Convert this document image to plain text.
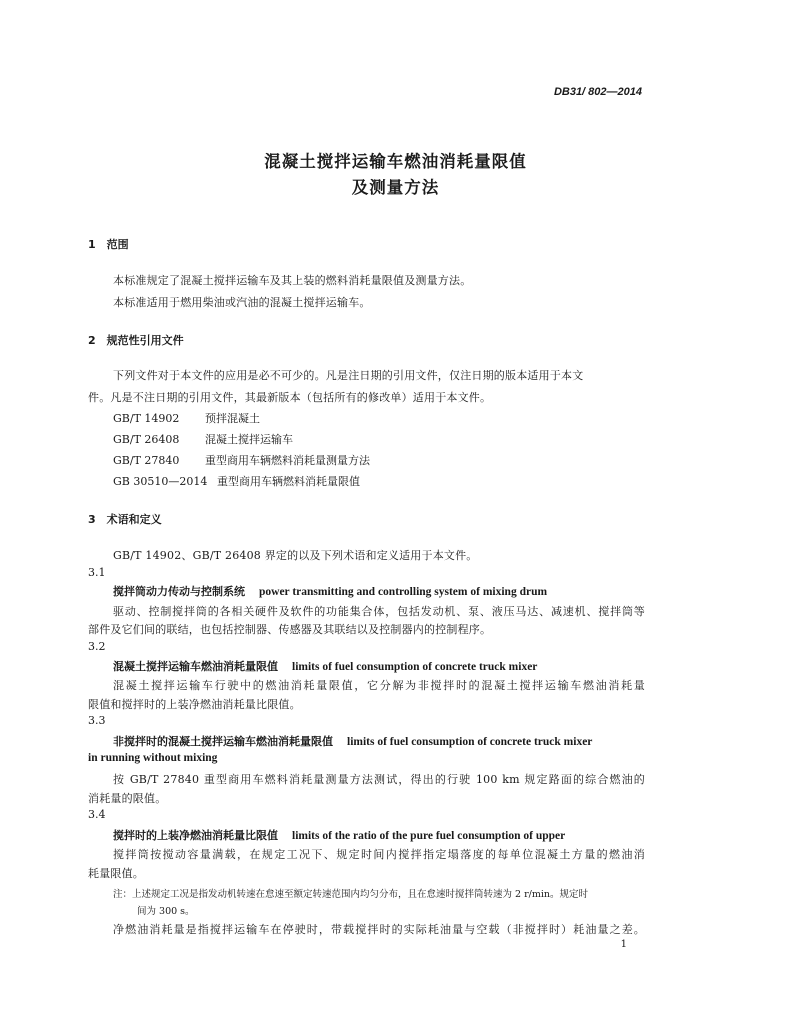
DB31/ 802—2014
混凝土搅拌运输车燃油消耗量限值
及测量方法
1　范围
本标准规定了混凝土搅拌运输车及其上装的燃料消耗量限值及测量方法。
本标准适用于燃用柴油或汽油的混凝土搅拌运输车。
2　规范性引用文件
下列文件对于本文件的应用是必不可少的。凡是注日期的引用文件，仅注日期的版本适用于本文
件。凡是不注日期的引用文件，其最新版本（包括所有的修改单）适用于本文件。
GB/T 14902 预拌混凝土
GB/T 26408 混凝土搅拌运输车
GB/T 27840 重型商用车辆燃料消耗量测量方法
GB 30510—2014 重型商用车辆燃料消耗量限值
3　术语和定义
GB/T 14902、GB/T 26408 界定的以及下列术语和定义适用于本文件。
3.1
搅拌筒动力传动与控制系统 power transmitting and controlling system of mixing drum
驱动、控制搅拌筒的各相关硬件及软件的功能集合体，包括发动机、泵、液压马达、减速机、搅拌筒等
部件及它们间的联结，也包括控制器、传感器及其联结以及控制器内的控制程序。
3.2
混凝土搅拌运输车燃油消耗量限值 limits of fuel consumption of concrete truck mixer
混凝土搅拌运输车行驶中的燃油消耗量限值，它分解为非搅拌时的混凝土搅拌运输车燃油消耗量
限值和搅拌时的上装净燃油消耗量比限值。
3.3
非搅拌时的混凝土搅拌运输车燃油消耗量限值 limits of fuel consumption of concrete truck mixer
in running without mixing
按 GB/T 27840 重型商用车燃料消耗量测量方法测试，得出的行驶 100 km 规定路面的综合燃油的
消耗量的限值。
3.4
搅拌时的上装净燃油消耗量比限值 limits of the ratio of the pure fuel consumption of upper
搅拌筒按搅动容量满载，在规定工况下、规定时间内搅拌指定塌落度的每单位混凝土方量的燃油消
耗量限值。
注：上述规定工况是指发动机转速在怠速至额定转速范围内均匀分布，且在怠速时搅拌筒转速为 2 r/min。规定时
间为 300 s。
净燃油消耗量是指搅拌运输车在停驶时，带载搅拌时的实际耗油量与空载（非搅拌时）耗油量之差。
1
